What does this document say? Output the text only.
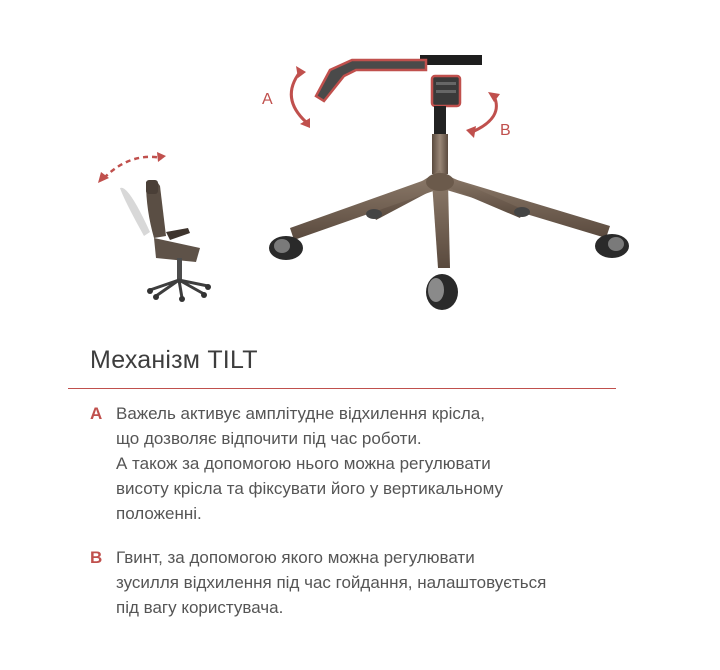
A
B
Механізм TILT
A Важель активує амплітудне відхилення крісла,
що дозволяє відпочити під час роботи.
А також за допомогою нього можна регулювати
висоту крісла та фіксувати його у вертикальному
положенні.
B Гвинт, за допомогою якого можна регулювати
зусилля відхилення під час гойдання, налаштовується
під вагу користувача.
